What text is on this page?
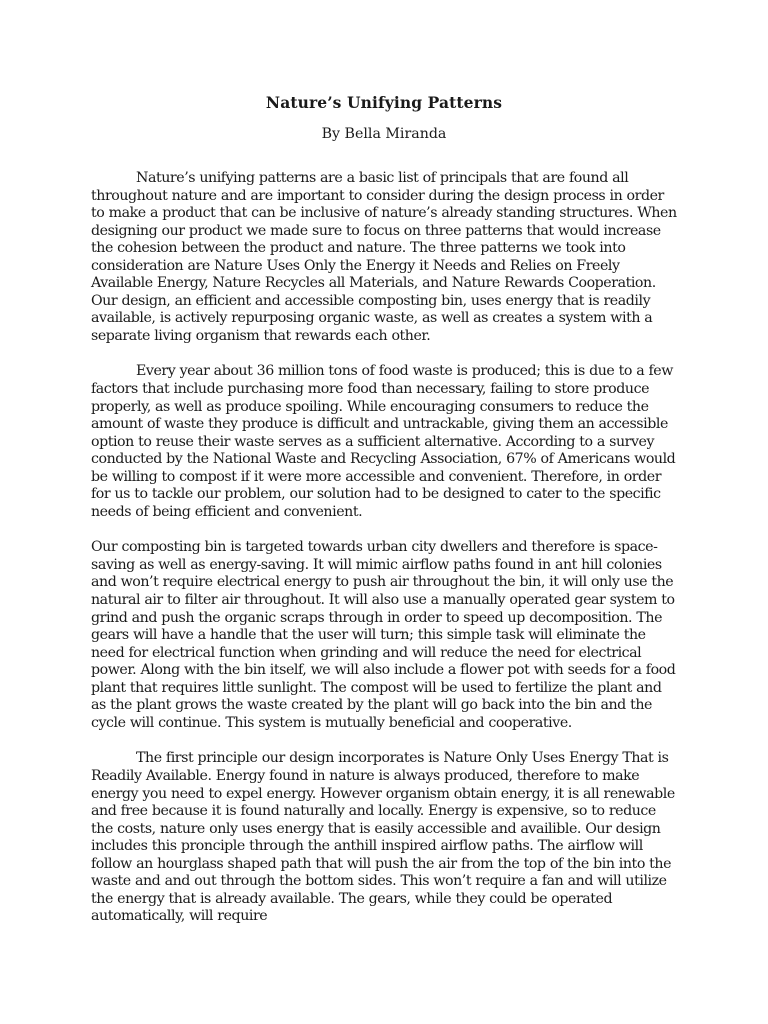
Nature’s Unifying Patterns
By Bella Miranda

Nature’s unifying patterns are a basic list of principals that are found all throughout nature and are important to consider during the design process in order to make a product that can be inclusive of nature’s already standing structures. When designing our product we made sure to focus on three patterns that would increase the cohesion between the product and nature. The three patterns we took into consideration are Nature Uses Only the Energy it Needs and Relies on Freely Available Energy, Nature Recycles all Materials, and Nature Rewards Cooperation. Our design, an efficient and accessible composting bin, uses energy that is readily available, is actively repurposing organic waste, as well as creates a system with a separate living organism that rewards each other.

Every year about 36 million tons of food waste is produced; this is due to a few factors that include purchasing more food than necessary, failing to store produce properly, as well as produce spoiling. While encouraging consumers to reduce the amount of waste they produce is difficult and untrackable, giving them an accessible option to reuse their waste serves as a sufficient alternative. According to a survey conducted by the National Waste and Recycling Association, 67% of Americans would be willing to compost if it were more accessible and convenient. Therefore, in order for us to tackle our problem, our solution had to be designed to cater to the specific needs of being efficient and convenient.

Our composting bin is targeted towards urban city dwellers and therefore is space-saving as well as energy-saving. It will mimic airflow paths found in ant hill colonies and won’t require electrical energy to push air throughout the bin, it will only use the natural air to filter air throughout. It will also use a manually operated gear system to grind and push the organic scraps through in order to speed up decomposition. The gears will have a handle that the user will turn; this simple task will eliminate the need for electrical function when grinding and will reduce the need for electrical power. Along with the bin itself, we will also include a flower pot with seeds for a food plant that requires little sunlight. The compost will be used to fertilize the plant and as the plant grows the waste created by the plant will go back into the bin and the cycle will continue. This system is mutually beneficial and cooperative.

The first principle our design incorporates is Nature Only Uses Energy That is Readily Available. Energy found in nature is always produced, therefore to make energy you need to expel energy. However organism obtain energy, it is all renewable and free because it is found naturally and locally. Energy is expensive, so to reduce the costs, nature only uses energy that is easily accessible and availible. Our design includes this pronciple through the anthill inspired airflow paths. The airflow will follow an hourglass shaped path that will push the air from the top of the bin into the waste and and out through the bottom sides. This won’t require a fan and will utilize the energy that is already available. The gears, while they could be operated automatically, will require
